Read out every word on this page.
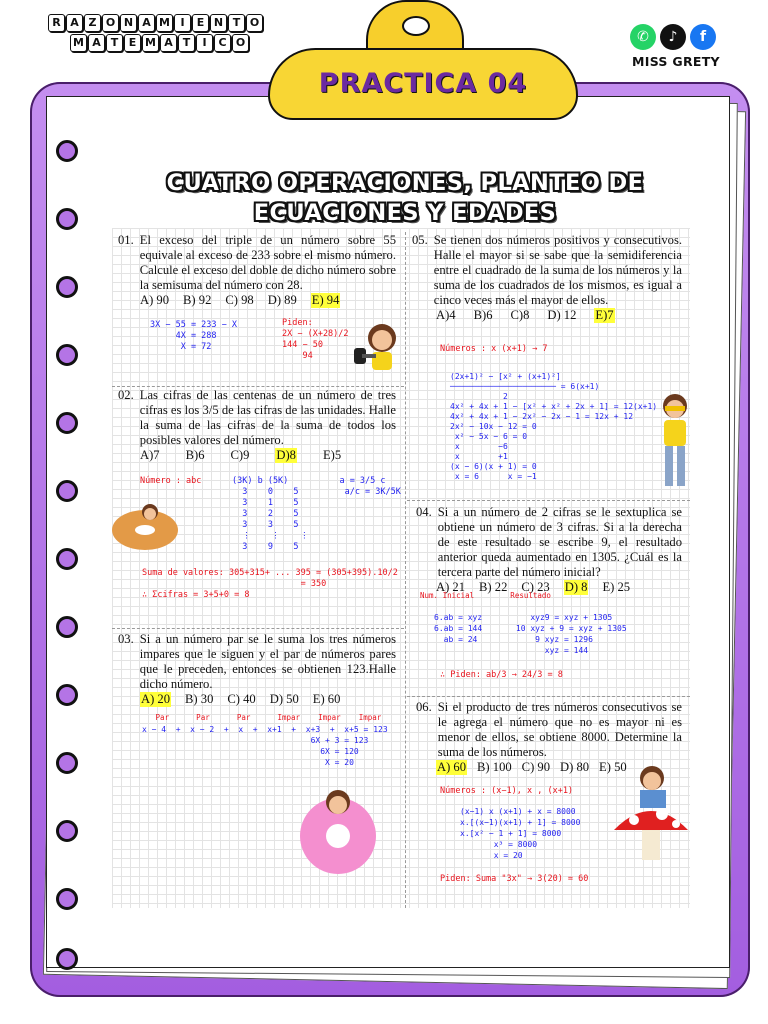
R A Z O N A M I	E N T O
M A T E M A T	I	C O	✆	♪	f
MISS GRETY
PRACTICA 04
CUATRO OPERACIONES, PLANTEO DE
ECUACIONES Y EDADES
01. El exceso del triple de un número sobre 55 equivale al exceso de 233 sobre el mismo número. Calcule el exceso del doble de dicho número sobre la semisuma del número con 28.
A) 90 B) 92 C) 98 D) 89 E) 94
3X − 55 = 233 − X
4X = 288
X = 72
Piden:
2X − (X+28)/2
144 − 50
94
02. Las cifras de las centenas de un número de tres cifras es los 3/5 de las cifras de las unidades. Halle la suma de las cifras de la suma de todos los posibles valores del número.
A)7 B)6 C)9 D)8 E)5
Número : abc	(3K) b (5K)          a = 3/5 c
3    0    5         a/c = 3K/5K
3    1    5
3    2    5
3    3    5
⋮    ⋮    ⋮
3    9    5
Suma de valores: 305+315+ ... 395 = (305+395).10/2
= 350
∴ Σcifras = 3+5+0 = 8
03. Si a un número par se le suma los tres números impares que le siguen y el par de números pares que le preceden, entonces se obtienen 123.Halle dicho número.
A) 20 B) 30 C) 40 D) 50 E) 60
Par      Par      Par      Impar    Impar    Impar
x − 4  +  x − 2  +  x  +  x+1  +  x+3  +  x+5 = 123
6X + 3 = 123
6X = 120
X = 20
05. Se tienen dos números positivos y consecutivos. Halle el mayor si se sabe que la semidiferencia entre el cuadrado de la suma de los números y la suma de los cuadrados de los mismos, es igual a cinco veces más el mayor de ellos.
A)4 B)6 C)8 D) 12 E)7
Números : x (x+1) → 7
(2x+1)² − [x² + (x+1)²]
────────────────────── = 6(x+1)
2
4x² + 4x + 1 − [x² + x² + 2x + 1] = 12(x+1)
4x² + 4x + 1 − 2x² − 2x − 1 = 12x + 12
2x² − 10x − 12 = 0
x² − 5x − 6 = 0
x        −6
x        +1
(x − 6)(x + 1) = 0
x = 6      x = −1
04. Si a un número de 2 cifras se le sextuplica se obtiene un número de 3 cifras. Si a la derecha de este resultado se escribe 9, el resultado anterior queda aumentado en 1305. ¿Cuál es la tercera parte del número inicial?
A) 21 B) 22 C) 23 D) 8 E) 25
Num. Inicial        Resultado
6.ab = xyz          xyz9 = xyz + 1305
6.ab = 144       10 xyz + 9 = xyz + 1305
ab = 24            9 xyz = 1296
xyz = 144
∴ Piden: ab/3 → 24/3 = 8
06. Si el producto de tres números consecutivos se le agrega el número que no es mayor ni es menor de ellos, se obtiene 8000. Determine la suma de los números.
A) 60 B) 100 C) 90 D) 80 E) 50
Números : (x−1), x , (x+1)
(x−1) x (x+1) + x = 8000
x.[(x−1)(x+1) + 1] = 8000
x.[x² − 1 + 1] = 8000
x³ = 8000
x = 20
Piden: Suma "3x" → 3(20) = 60
